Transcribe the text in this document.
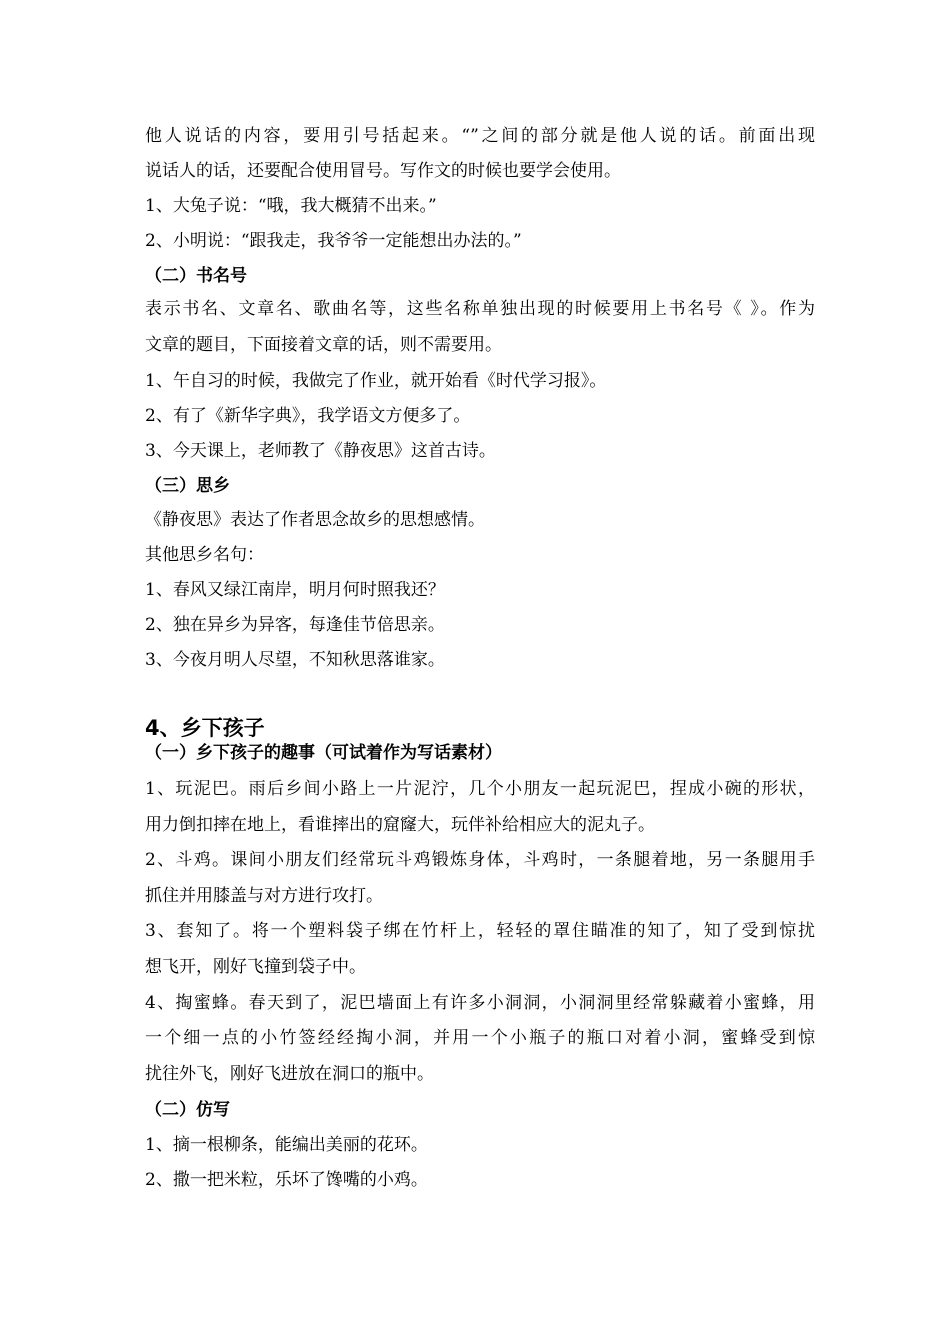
他人说话的内容，要用引号括起来。“”之间的部分就是他人说的话。前面出现
说话人的话，还要配合使用冒号。写作文的时候也要学会使用。
1、大兔子说：“哦，我大概猜不出来。”
2、小明说：“跟我走，我爷爷一定能想出办法的。”
（二）书名号
表示书名、文章名、歌曲名等，这些名称单独出现的时候要用上书名号《 》。作为
文章的题目，下面接着文章的话，则不需要用。
1、午自习的时候，我做完了作业，就开始看《时代学习报》。
2、有了《新华字典》，我学语文方便多了。
3、今天课上，老师教了《静夜思》这首古诗。
（三）思乡
《静夜思》表达了作者思念故乡的思想感情。
其他思乡名句：
1、春风又绿江南岸，明月何时照我还？
2、独在异乡为异客，每逢佳节倍思亲。
3、今夜月明人尽望，不知秋思落谁家。
4、乡下孩子
（一）乡下孩子的趣事（可试着作为写话素材）
1、玩泥巴。雨后乡间小路上一片泥泞，几个小朋友一起玩泥巴，捏成小碗的形状，
用力倒扣摔在地上，看谁摔出的窟窿大，玩伴补给相应大的泥丸子。
2、斗鸡。课间小朋友们经常玩斗鸡锻炼身体，斗鸡时，一条腿着地，另一条腿用手
抓住并用膝盖与对方进行攻打。
3、套知了。将一个塑料袋子绑在竹杆上，轻轻的罩住瞄准的知了，知了受到惊扰
想飞开，刚好飞撞到袋子中。
4、掏蜜蜂。春天到了，泥巴墙面上有许多小洞洞，小洞洞里经常躲藏着小蜜蜂，用
一个细一点的小竹签经经掏小洞，并用一个小瓶子的瓶口对着小洞，蜜蜂受到惊
扰往外飞，刚好飞进放在洞口的瓶中。
（二）仿写
1、摘一根柳条，能编出美丽的花环。
2、撒一把米粒，乐坏了馋嘴的小鸡。
